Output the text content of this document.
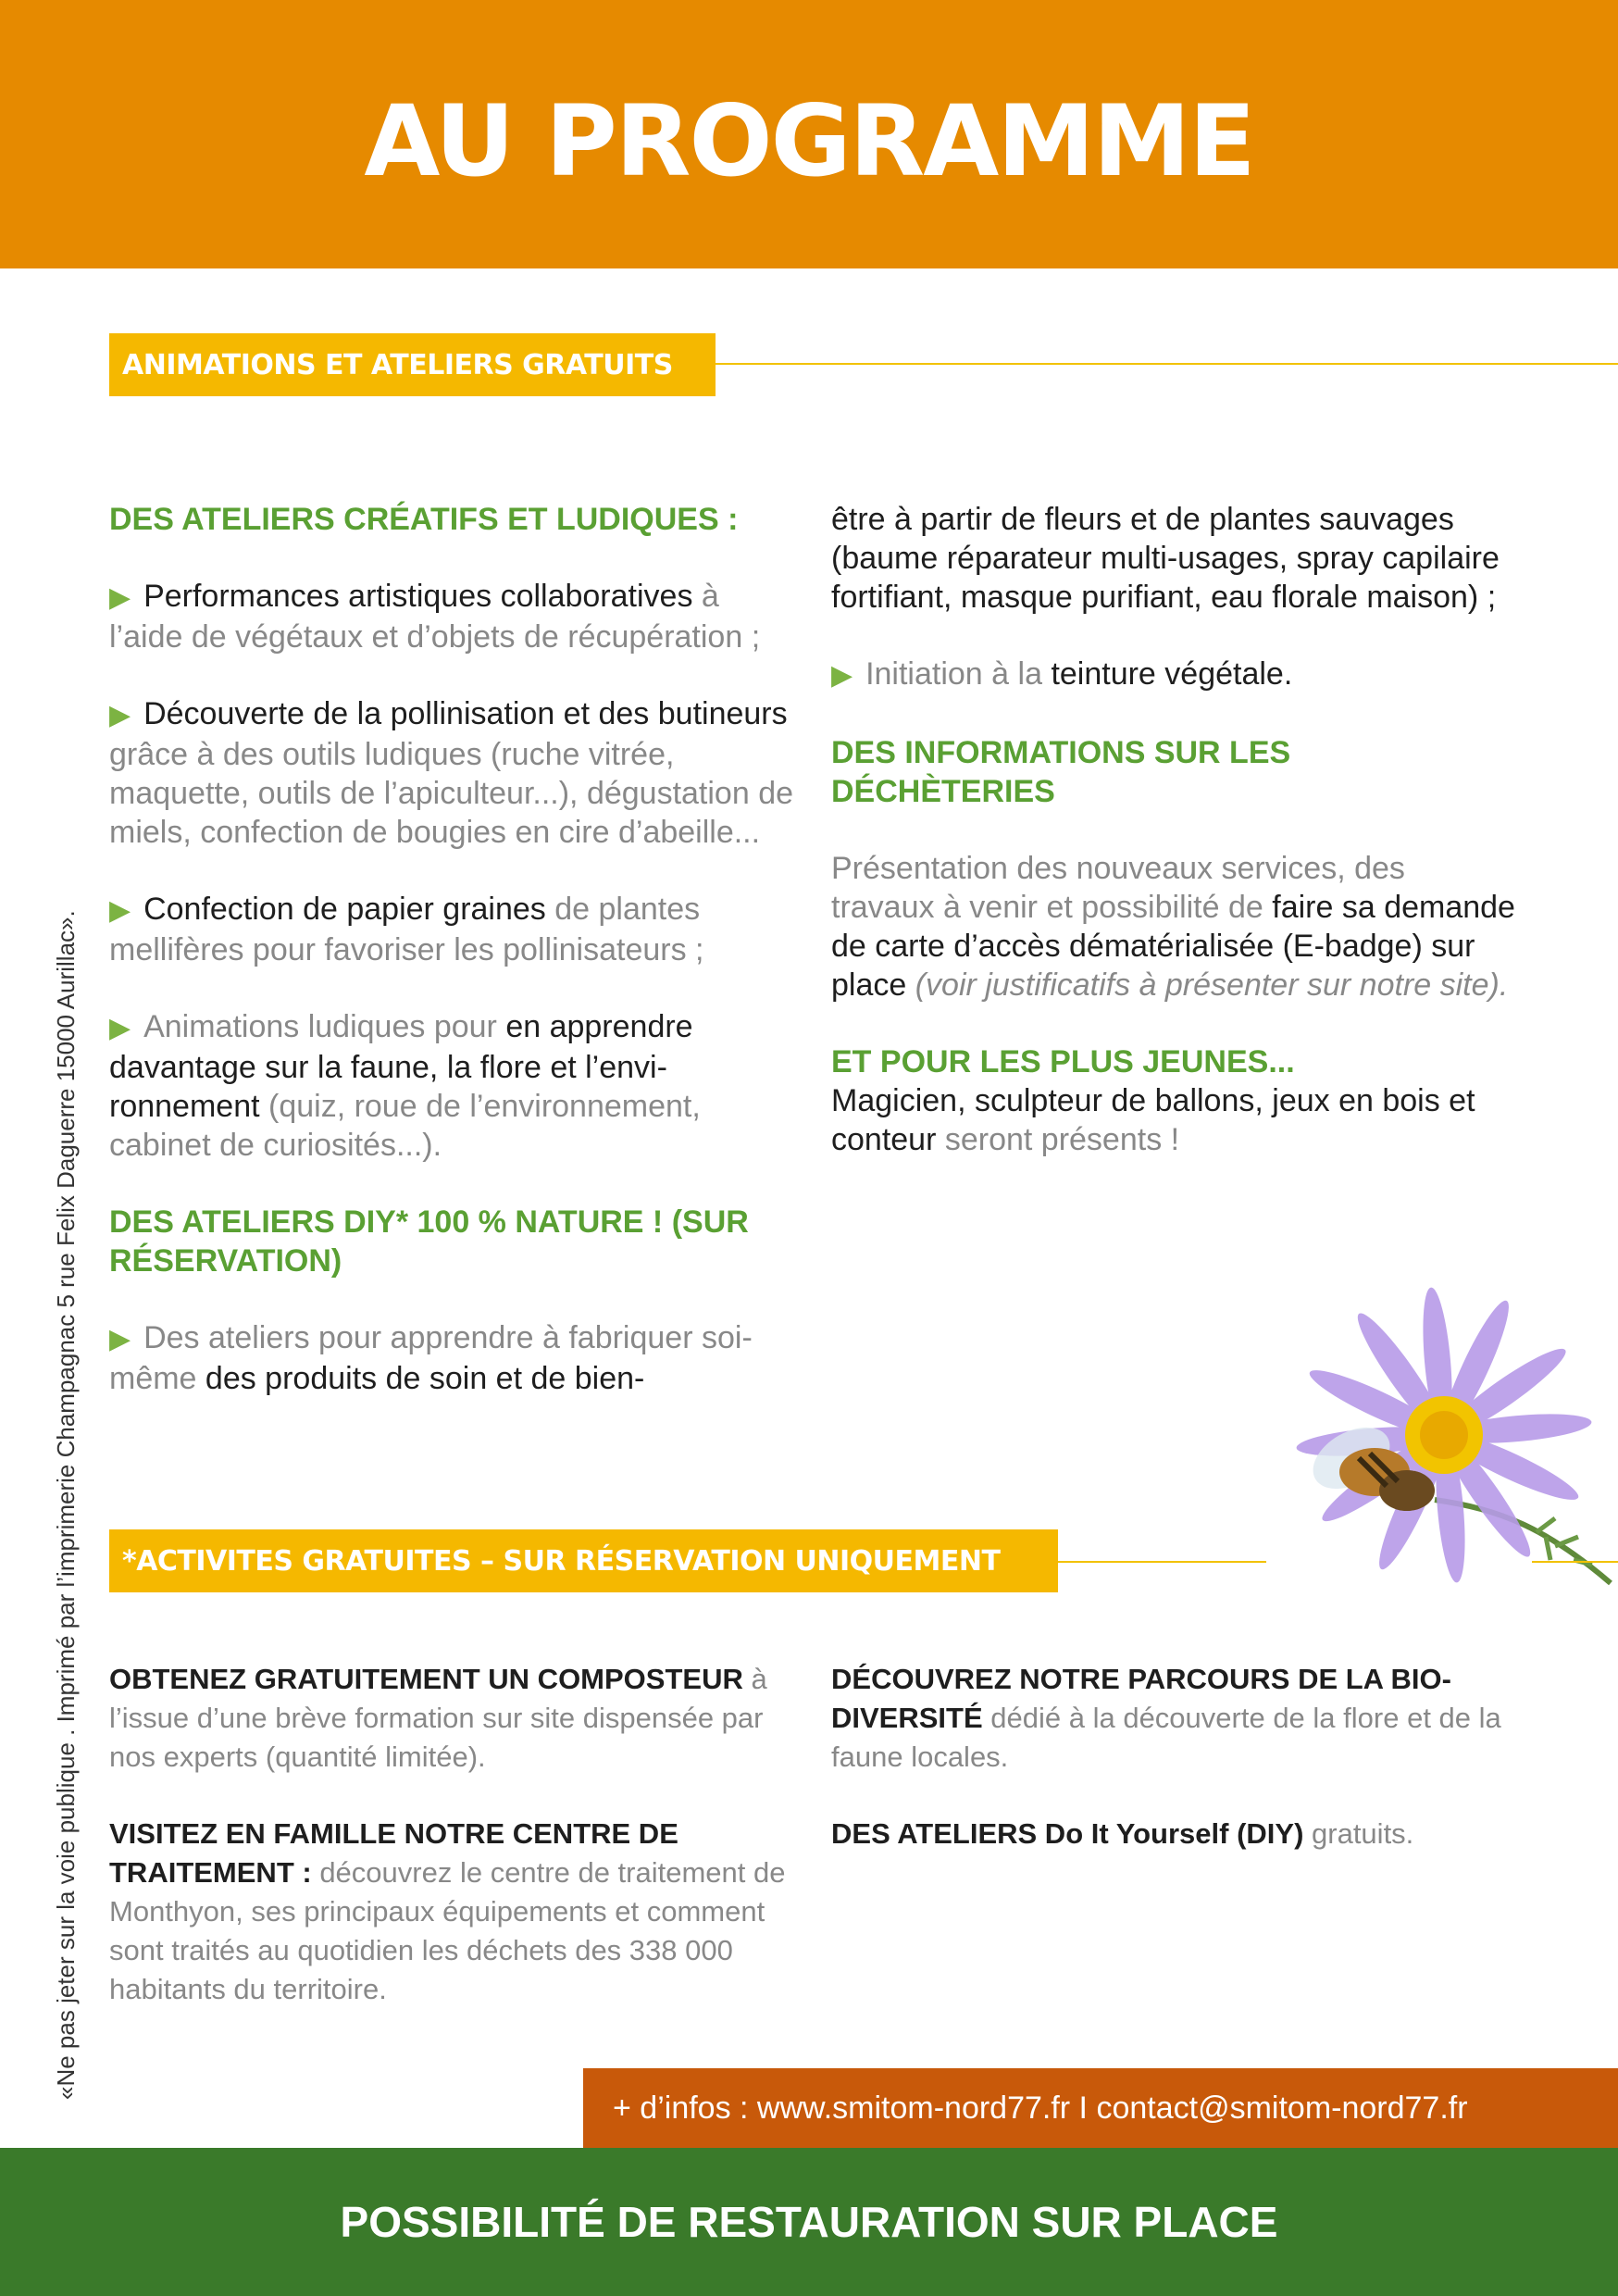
AU PROGRAMME
ANIMATIONS ET ATELIERS GRATUITS

DES ATELIERS CRÉATIFS ET LUDIQUES :

▶ Performances artistiques collaboratives à l’aide de végétaux et d’objets de récupération ;

▶ Découverte de la pollinisation et des butineurs grâce à des outils ludiques (ruche vitrée, maquette, outils de l’apiculteur...), dégustation de miels, confection de bougies en cire d’abeille...

▶ Confection de papier graines de plantes mellifères pour favoriser les pollinisateurs ;

▶ Animations ludiques pour en apprendre davantage sur la faune, la flore et l’environnement (quiz, roue de l’environnement, cabinet de curiosités...).

DES ATELIERS DIY* 100 % NATURE ! (SUR RÉSERVATION)

▶ Des ateliers pour apprendre à fabriquer soi-même des produits de soin et de bien-

être à partir de fleurs et de plantes sauvages (baume réparateur multi-usages, spray capilaire fortifiant, masque purifiant, eau florale maison) ;

▶ Initiation à la teinture végétale.

DES INFORMATIONS SUR LES DÉCHÈTERIES

Présentation des nouveaux services, des travaux à venir et possibilité de faire sa demande de carte d’accès dématérialisée (E-badge) sur place (voir justificatifs à présenter sur notre site).

ET POUR LES PLUS JEUNES...
Magicien, sculpteur de ballons, jeux en bois et conteur seront présents !

*ACTIVITES GRATUITES – SUR RÉSERVATION UNIQUEMENT

OBTENEZ GRATUITEMENT UN COMPOSTEUR à l’issue d’une brève formation sur site dispensée par nos experts (quantité limitée).

VISITEZ EN FAMILLE NOTRE CENTRE DE TRAITEMENT : découvrez le centre de traitement de Monthyon, ses principaux équipements et comment sont traités au quotidien les déchets des 338 000 habitants du territoire.

DÉCOUVREZ NOTRE PARCOURS DE LA BIODIVERSITÉ dédié à la découverte de la flore et de la faune locales.

DES ATELIERS Do It Yourself (DIY) gratuits.

«Ne pas jeter sur la voie publique . Imprimé par l’imprimerie Champagnac 5 rue Felix Daguerre 15000 Aurillac».
+ d’infos : www.smitom-nord77.fr I contact@smitom-nord77.fr
POSSIBILITÉ DE RESTAURATION SUR PLACE
